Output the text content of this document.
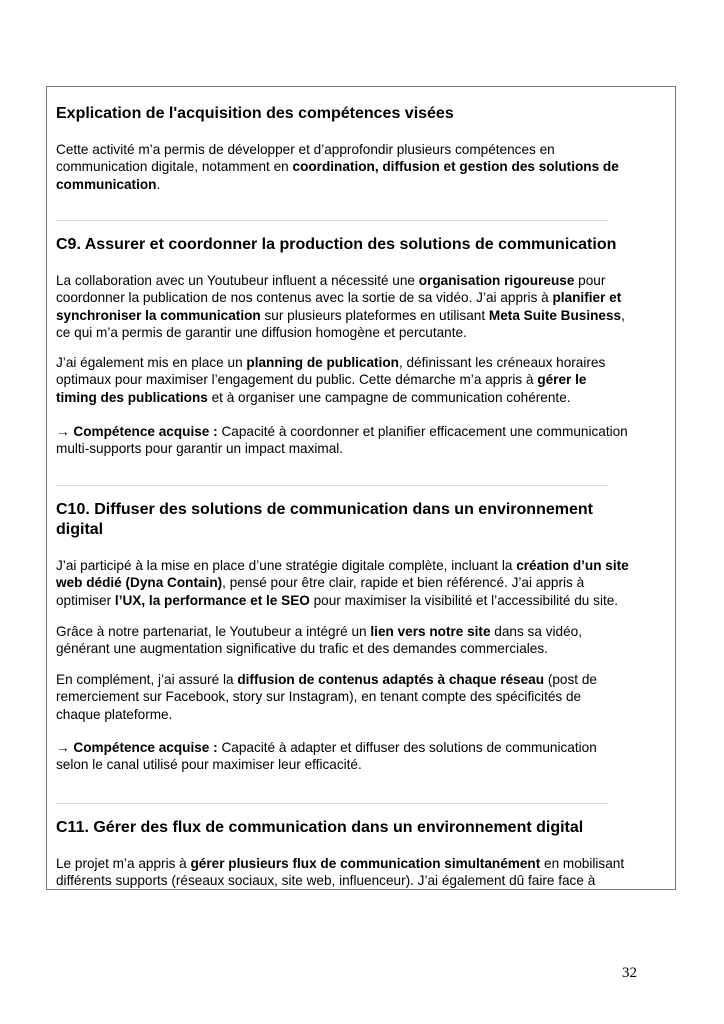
Explication de l'acquisition des compétences visées
Cette activité m’a permis de développer et d’approfondir plusieurs compétences en
communication digitale, notamment en coordination, diffusion et gestion des solutions de
communication.
C9. Assurer et coordonner la production des solutions de communication
La collaboration avec un Youtubeur influent a nécessité une organisation rigoureuse pour
coordonner la publication de nos contenus avec la sortie de sa vidéo. J’ai appris à planifier et
synchroniser la communication sur plusieurs plateformes en utilisant Meta Suite Business,
ce qui m’a permis de garantir une diffusion homogène et percutante.
J’ai également mis en place un planning de publication, définissant les créneaux horaires
optimaux pour maximiser l’engagement du public. Cette démarche m’a appris à gérer le
timing des publications et à organiser une campagne de communication cohérente.
→ Compétence acquise : Capacité à coordonner et planifier efficacement une communication
multi-supports pour garantir un impact maximal.
C10. Diffuser des solutions de communication dans un environnement
digital
J’ai participé à la mise en place d’une stratégie digitale complète, incluant la création d’un site
web dédié (Dyna Contain), pensé pour être clair, rapide et bien référencé. J’ai appris à
optimiser l’UX, la performance et le SEO pour maximiser la visibilité et l’accessibilité du site.
Grâce à notre partenariat, le Youtubeur a intégré un lien vers notre site dans sa vidéo,
générant une augmentation significative du trafic et des demandes commerciales.
En complément, j’ai assuré la diffusion de contenus adaptés à chaque réseau (post de
remerciement sur Facebook, story sur Instagram), en tenant compte des spécificités de
chaque plateforme.
→ Compétence acquise : Capacité à adapter et diffuser des solutions de communication
selon le canal utilisé pour maximiser leur efficacité.
C11. Gérer des flux de communication dans un environnement digital
Le projet m’a appris à gérer plusieurs flux de communication simultanément en mobilisant
différents supports (réseaux sociaux, site web, influenceur). J’ai également dû faire face à
32
